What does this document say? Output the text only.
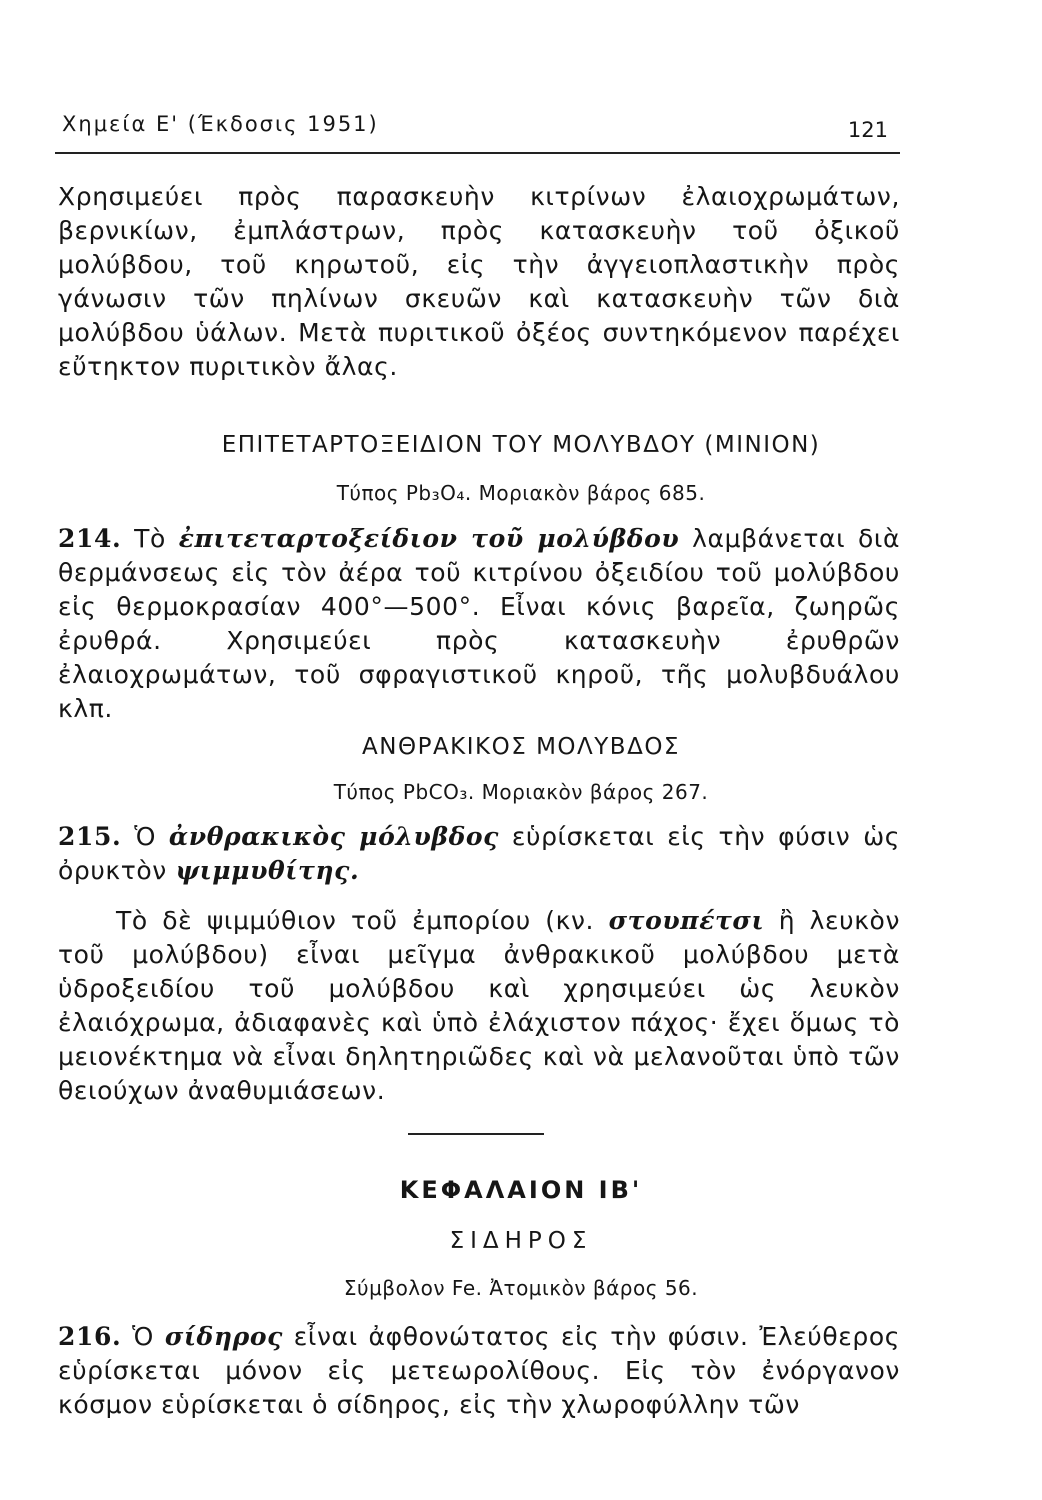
Χημεία Ε' (Έκδοσις 1951)	121

Χρησιμεύει πρὸς παρασκευὴν κιτρίνων ἐλαιοχρωμάτων, βερνικίων, ἐμπλάστρων, πρὸς κατασκευὴν τοῦ ὀξικοῦ μολύβδου, τοῦ κηρωτοῦ, εἰς τὴν ἀγγειοπλαστικὴν πρὸς γάνωσιν τῶν πηλίνων σκευῶν καὶ κατασκευὴν τῶν διὰ μολύβδου ὑάλων. Μετὰ πυριτικοῦ ὀξέος συντηκόμενον παρέχει εὔτηκτον πυριτικὸν ἄλας.

ΕΠΙΤΕΤΑΡΤΟΞΕΙΔΙΟΝ ΤΟΥ ΜΟΛΥΒΔΟΥ (ΜΙΝΙΟΝ)
Τύπος Pb₃O₄. Μοριακὸν βάρος 685.

214. Τὸ ἐπιτεταρτοξείδιον τοῦ μολύβδου λαμβάνεται διὰ θερμάνσεως εἰς τὸν ἀέρα τοῦ κιτρίνου ὀξειδίου τοῦ μολύβδου εἰς θερμοκρασίαν 400°—500°. Εἶναι κόνις βαρεῖα, ζωηρῶς ἐρυθρά. Χρησιμεύει πρὸς κατασκευὴν ἐρυθρῶν ἐλαιοχρωμάτων, τοῦ σφραγιστικοῦ κηροῦ, τῆς μολυβδυάλου κλπ.

ΑΝΘΡΑΚΙΚΟΣ ΜΟΛΥΒΔΟΣ
Τύπος PbCO₃. Μοριακὸν βάρος 267.

215. Ὁ ἀνθρακικὸς μόλυβδος εὑρίσκεται εἰς τὴν φύσιν ὡς ὀρυκτὸν ψιμμυθίτης.

Τὸ δὲ ψιμμύθιον τοῦ ἐμπορίου (κν. στουπέτσι ἢ λευκὸν τοῦ μολύβδου) εἶναι μεῖγμα ἀνθρακικοῦ μολύβδου μετὰ ὑδροξειδίου τοῦ μολύβδου καὶ χρησιμεύει ὡς λευκὸν ἐλαιόχρωμα, ἀδιαφανὲς καὶ ὑπὸ ἐλάχιστον πάχος· ἔχει ὅμως τὸ μειονέκτημα νὰ εἶναι δηλητηριῶδες καὶ νὰ μελανοῦται ὑπὸ τῶν θειούχων ἀναθυμιάσεων.

ΚΕΦΑΛΑΙΟΝ ΙΒ'
ΣΙΔΗΡΟΣ
Σύμβολον Fe. Ἀτομικὸν βάρος 56.

216. Ὁ σίδηρος εἶναι ἀφθονώτατος εἰς τὴν φύσιν. Ἐλεύθερος εὑρίσκεται μόνον εἰς μετεωρολίθους. Εἰς τὸν ἐνόργανον κόσμον εὑρίσκεται ὁ σίδηρος, εἰς τὴν χλωροφύλλην τῶν
